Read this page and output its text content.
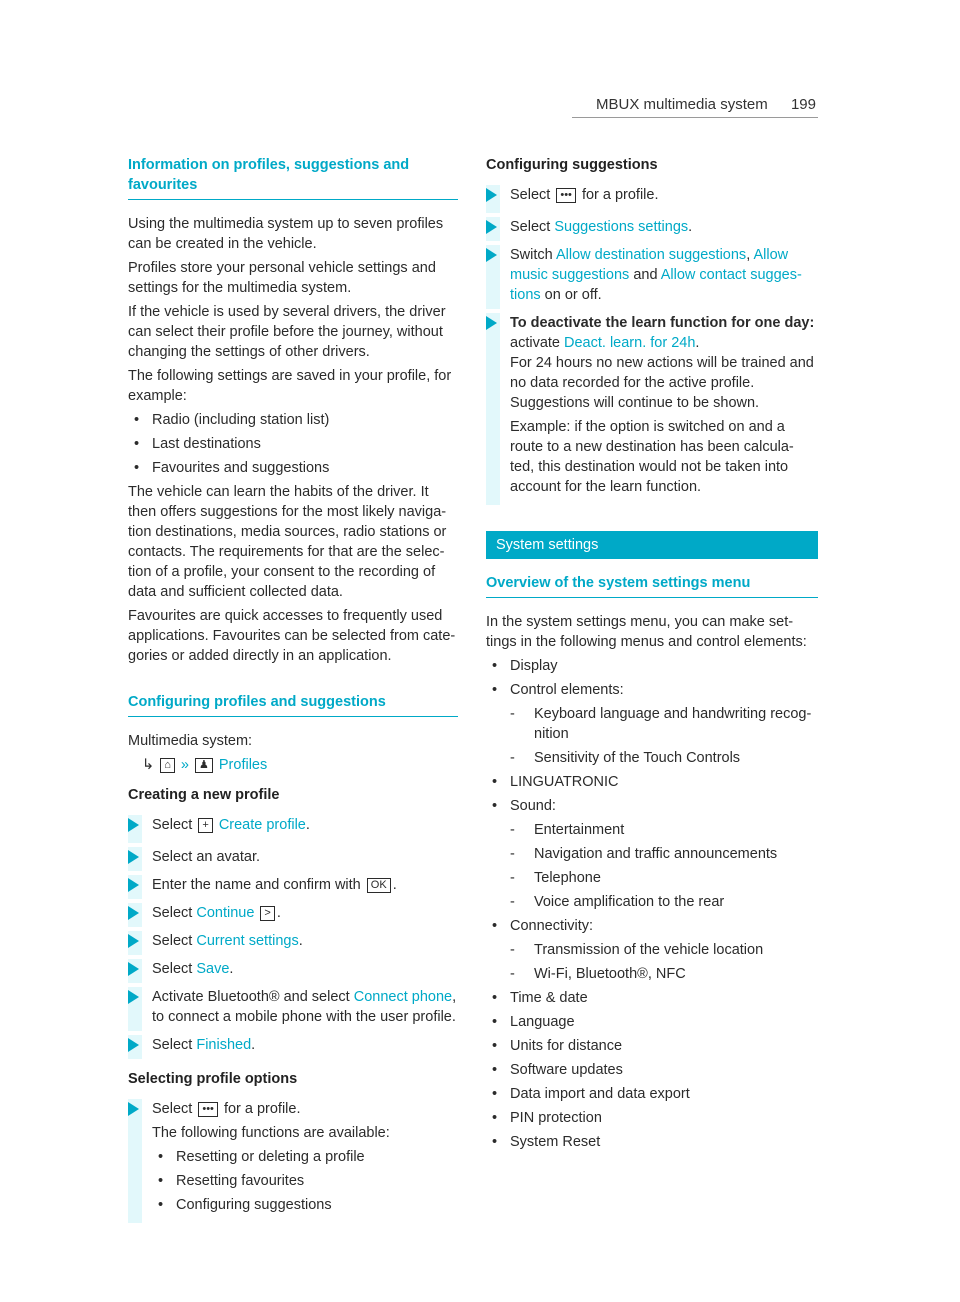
MBUX multimedia system 199
Information on profiles, suggestions and favourites

Using the multimedia system up to seven profiles can be created in the vehicle.

Profiles store your personal vehicle settings and settings for the multimedia system.

If the vehicle is used by several drivers, the driver can select their profile before the journey, without changing the settings of other drivers.

The following settings are saved in your profile, for example:

• Radio (including station list)
• Last destinations
• Favourites and suggestions

The vehicle can learn the habits of the driver. It then offers suggestions for the most likely naviga- tion destinations, media sources, radio stations or contacts. The requirements for that are the selec- tion of a profile, your consent to the recording of data and sufficient collected data.

Favourites are quick accesses to frequently used applications. Favourites can be selected from cate- gories or added directly in an application.

Configuring profiles and suggestions

Multimedia system:

↳ ⌂ » ♟ Profiles
Creating a new profile
Select + Create profile.
Select an avatar.
Enter the name and confirm with OK .
Select Continue > .
Select Current settings.
Select Save.
Activate Bluetooth® and select Connect phone, to connect a mobile phone with the user profile.
Select Finished.
Selecting profile options
Select ••• for a profile.

The following functions are available:

• Resetting or deleting a profile
• Resetting favourites
• Configuring suggestions
Configuring suggestions
Select ••• for a profile.
Select Suggestions settings.
Switch Allow destination suggestions, Allow music suggestions and Allow contact sugges- tions on or off.
To deactivate the learn function for one day:
activate Deact. learn. for 24h.

For 24 hours no new actions will be trained and no data recorded for the active profile. Suggestions will continue to be shown.

Example: if the option is switched on and a route to a new destination has been calcula- ted, this destination would not be taken into account for the learn function.

System settings
Overview of the system settings menu

In the system settings menu, you can make set- tings in the following menus and control elements:

• Display
• Control elements:
- Keyboard language and handwriting recog- nition
- Sensitivity of the Touch Controls
• LINGUATRONIC
• Sound:
- Entertainment
- Navigation and traffic announcements
- Telephone
- Voice amplification to the rear
• Connectivity:
- Transmission of the vehicle location
- Wi-Fi, Bluetooth®, NFC
• Time & date
• Language
• Units for distance
• Software updates
• Data import and data export
• PIN protection
• System Reset
